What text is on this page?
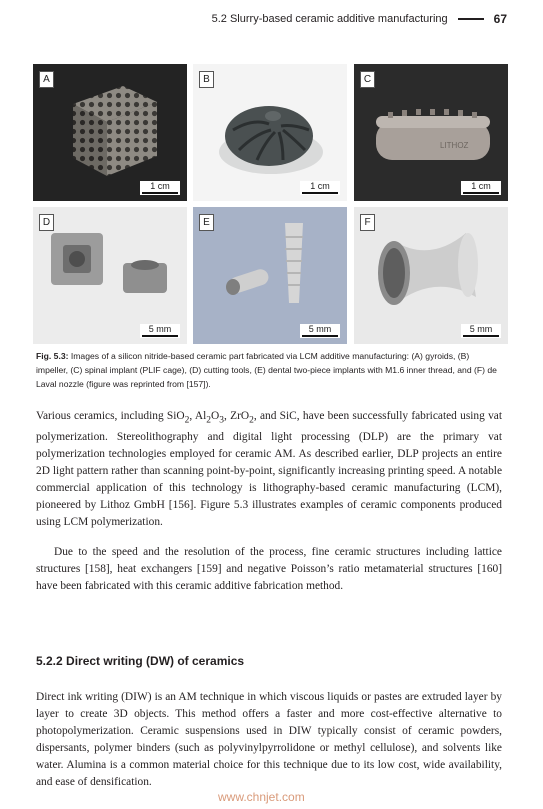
5.2 Slurry-based ceramic additive manufacturing	67
A
1 cm
B
1 cm
LITHOZ
C
1 cm
D
5 mm
E
5 mm
F
5 mm
Fig. 5.3: Images of a silicon nitride-based ceramic part fabricated via LCM additive manufacturing: (A) gyroids, (B) impeller, (C) spinal implant (PLIF cage), (D) cutting tools, (E) dental two-piece implants with M1.6 inner thread, and (F) de Laval nozzle (figure was reprinted from [157]).
Various ceramics, including SiO$_2$, $Al_2O_3$, ZrO$_2$, and SiC, have been successfully fabricated using vat polymerization. Stereolithography and digital light processing (DLP) are the primary vat polymerization technologies employed for ceramic AM. As described earlier, DLP projects an entire 2D light pattern rather than scanning point-by-point, significantly increasing printing speed. A notable commercial application of this technology is lithography-based ceramic manufacturing (LCM), pioneered by Lithoz GmbH [156]. Figure 5.3 illustrates examples of ceramic components produced using LCM polymerization.
Due to the speed and the resolution of the process, fine ceramic structures including lattice structures [158], heat exchangers [159] and negative Poisson’s ratio metamaterial structures [160] have been fabricated with this ceramic additive fabrication method.
5.2.2 Direct writing (DW) of ceramics
Direct ink writing (DIW) is an AM technique in which viscous liquids or pastes are extruded layer by layer to create 3D objects. This method offers a faster and more cost-effective alternative to photopolymerization. Ceramic suspensions used in DIW typically consist of ceramic powders, dispersants, polymer binders (such as polyvinylpyrrolidone or methyl cellulose), and solvents like water. Alumina is a common material choice for this technique due to its low cost, wide availability, and ease of densification.
www.chnjet.com
